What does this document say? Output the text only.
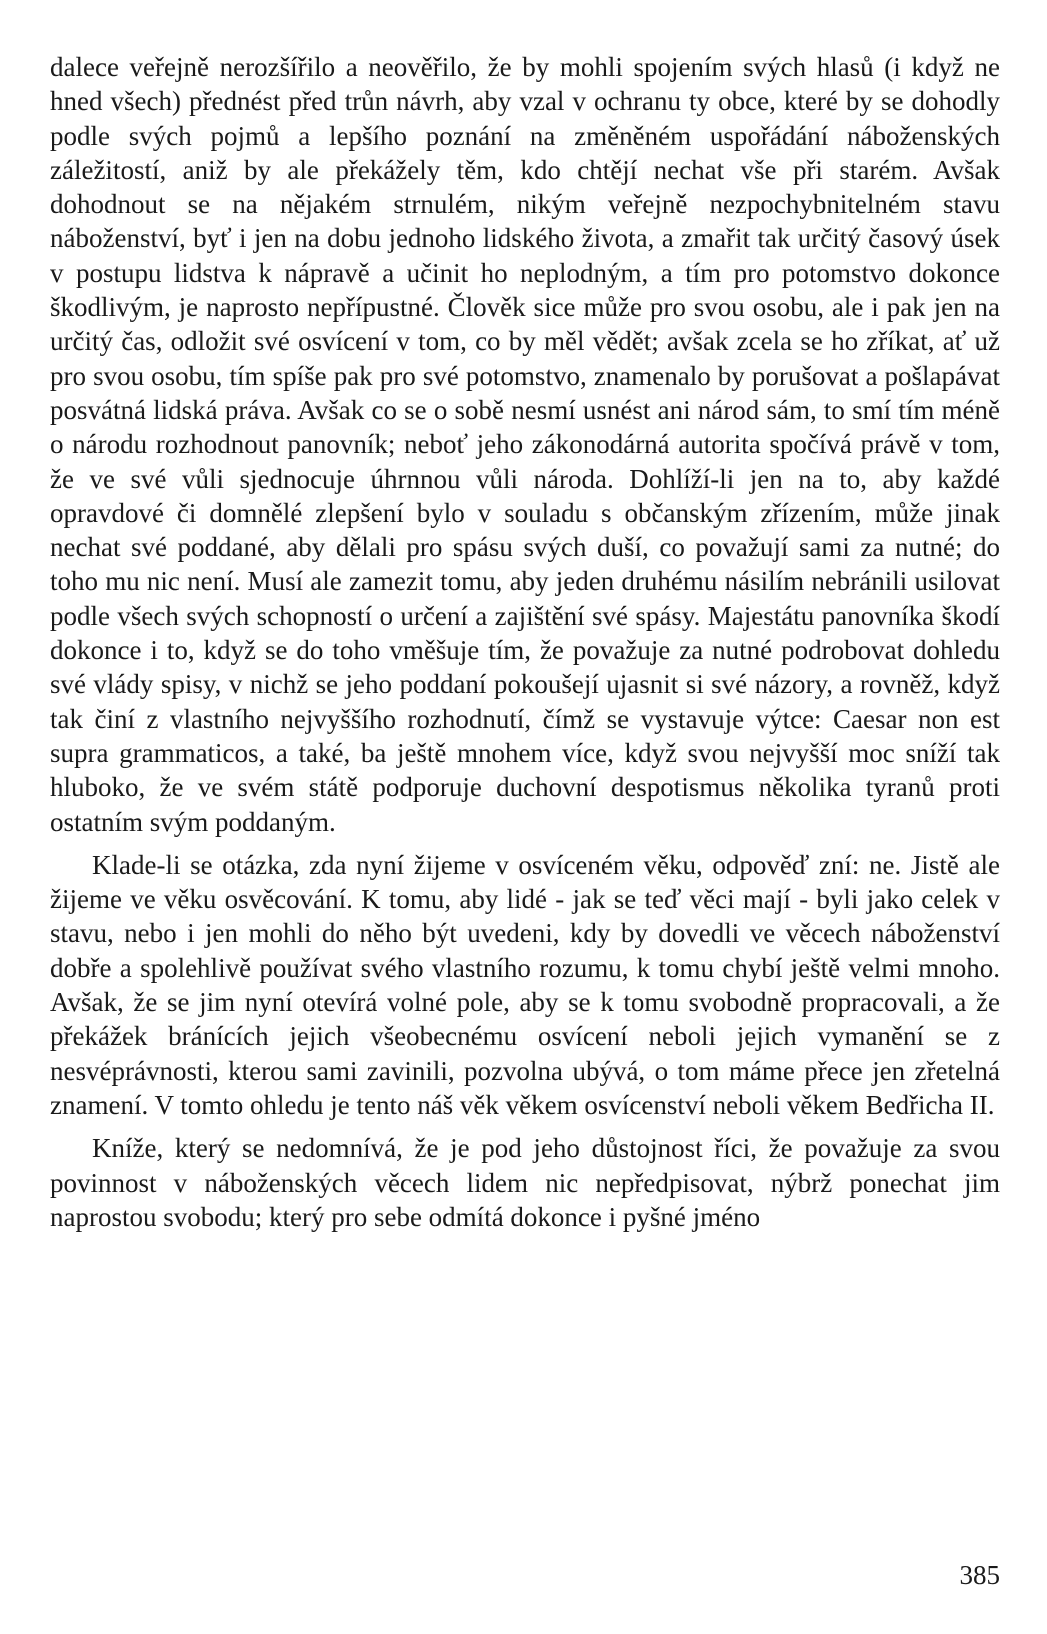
dalece veřejně nerozšířilo a neověřilo, že by mohli spojením svých hlasů (i když ne hned všech) přednést před trůn návrh, aby vzal v ochranu ty obce, které by se dohodly podle svých pojmů a lepšího poznání na změněném uspořádání náboženských záležitostí, aniž by ale překážely těm, kdo chtějí nechat vše při starém. Avšak dohodnout se na nějakém strnulém, nikým veřejně nezpochybnitelném stavu náboženství, byť i jen na dobu jednoho lidského života, a zmařit tak určitý časový úsek v postupu lidstva k nápravě a učinit ho neplodným, a tím pro potomstvo dokonce škodlivým, je naprosto nepřípustné. Člověk sice může pro svou osobu, ale i pak jen na určitý čas, odložit své osvícení v tom, co by měl vědět; avšak zcela se ho zříkat, ať už pro svou osobu, tím spíše pak pro své potomstvo, znamenalo by porušovat a pošlapávat posvátná lidská práva. Avšak co se o sobě nesmí usnést ani národ sám, to smí tím méně o národu rozhodnout panovník; neboť jeho zákonodárná autorita spočívá právě v tom, že ve své vůli sjednocuje úhrnnou vůli národa. Dohlíží-li jen na to, aby každé opravdové či domnělé zlepšení bylo v souladu s občanským zřízením, může jinak nechat své poddané, aby dělali pro spásu svých duší, co považují sami za nutné; do toho mu nic není. Musí ale zamezit tomu, aby jeden druhému násilím nebránili usilovat podle všech svých schopností o určení a zajištění své spásy. Majestátu panovníka škodí dokonce i to, když se do toho vměšuje tím, že považuje za nutné podrobovat dohledu své vlády spisy, v nichž se jeho poddaní pokoušejí ujasnit si své názory, a rovněž, když tak činí z vlastního nejvyššího rozhodnutí, čímž se vystavuje výtce: Caesar non est supra grammaticos, a také, ba ještě mnohem více, když svou nejvyšší moc sníží tak hluboko, že ve svém státě podporuje duchovní despotismus několika tyranů proti ostatním svým poddaným.

Klade-li se otázka, zda nyní žijeme v osvíceném věku, odpověď zní: ne. Jistě ale žijeme ve věku osvěcování. K tomu, aby lidé - jak se teď věci mají - byli jako celek v stavu, nebo i jen mohli do něho být uvedeni, kdy by dovedli ve věcech náboženství dobře a spolehlivě používat svého vlastního rozumu, k tomu chybí ještě velmi mnoho. Avšak, že se jim nyní otevírá volné pole, aby se k tomu svobodně propracovali, a že překážek bránících jejich všeobecnému osvícení neboli jejich vymanění se z nesvéprávnosti, kterou sami zavinili, pozvolna ubývá, o tom máme přece jen zřetelná znamení. V tomto ohledu je tento náš věk věkem osvícenství neboli věkem Bedřicha II.

Kníže, který se nedomnívá, že je pod jeho důstojnost říci, že považuje za svou povinnost v náboženských věcech lidem nic nepředpisovat, nýbrž ponechat jim naprostou svobodu; který pro sebe odmítá dokonce i pyšné jméno

385
